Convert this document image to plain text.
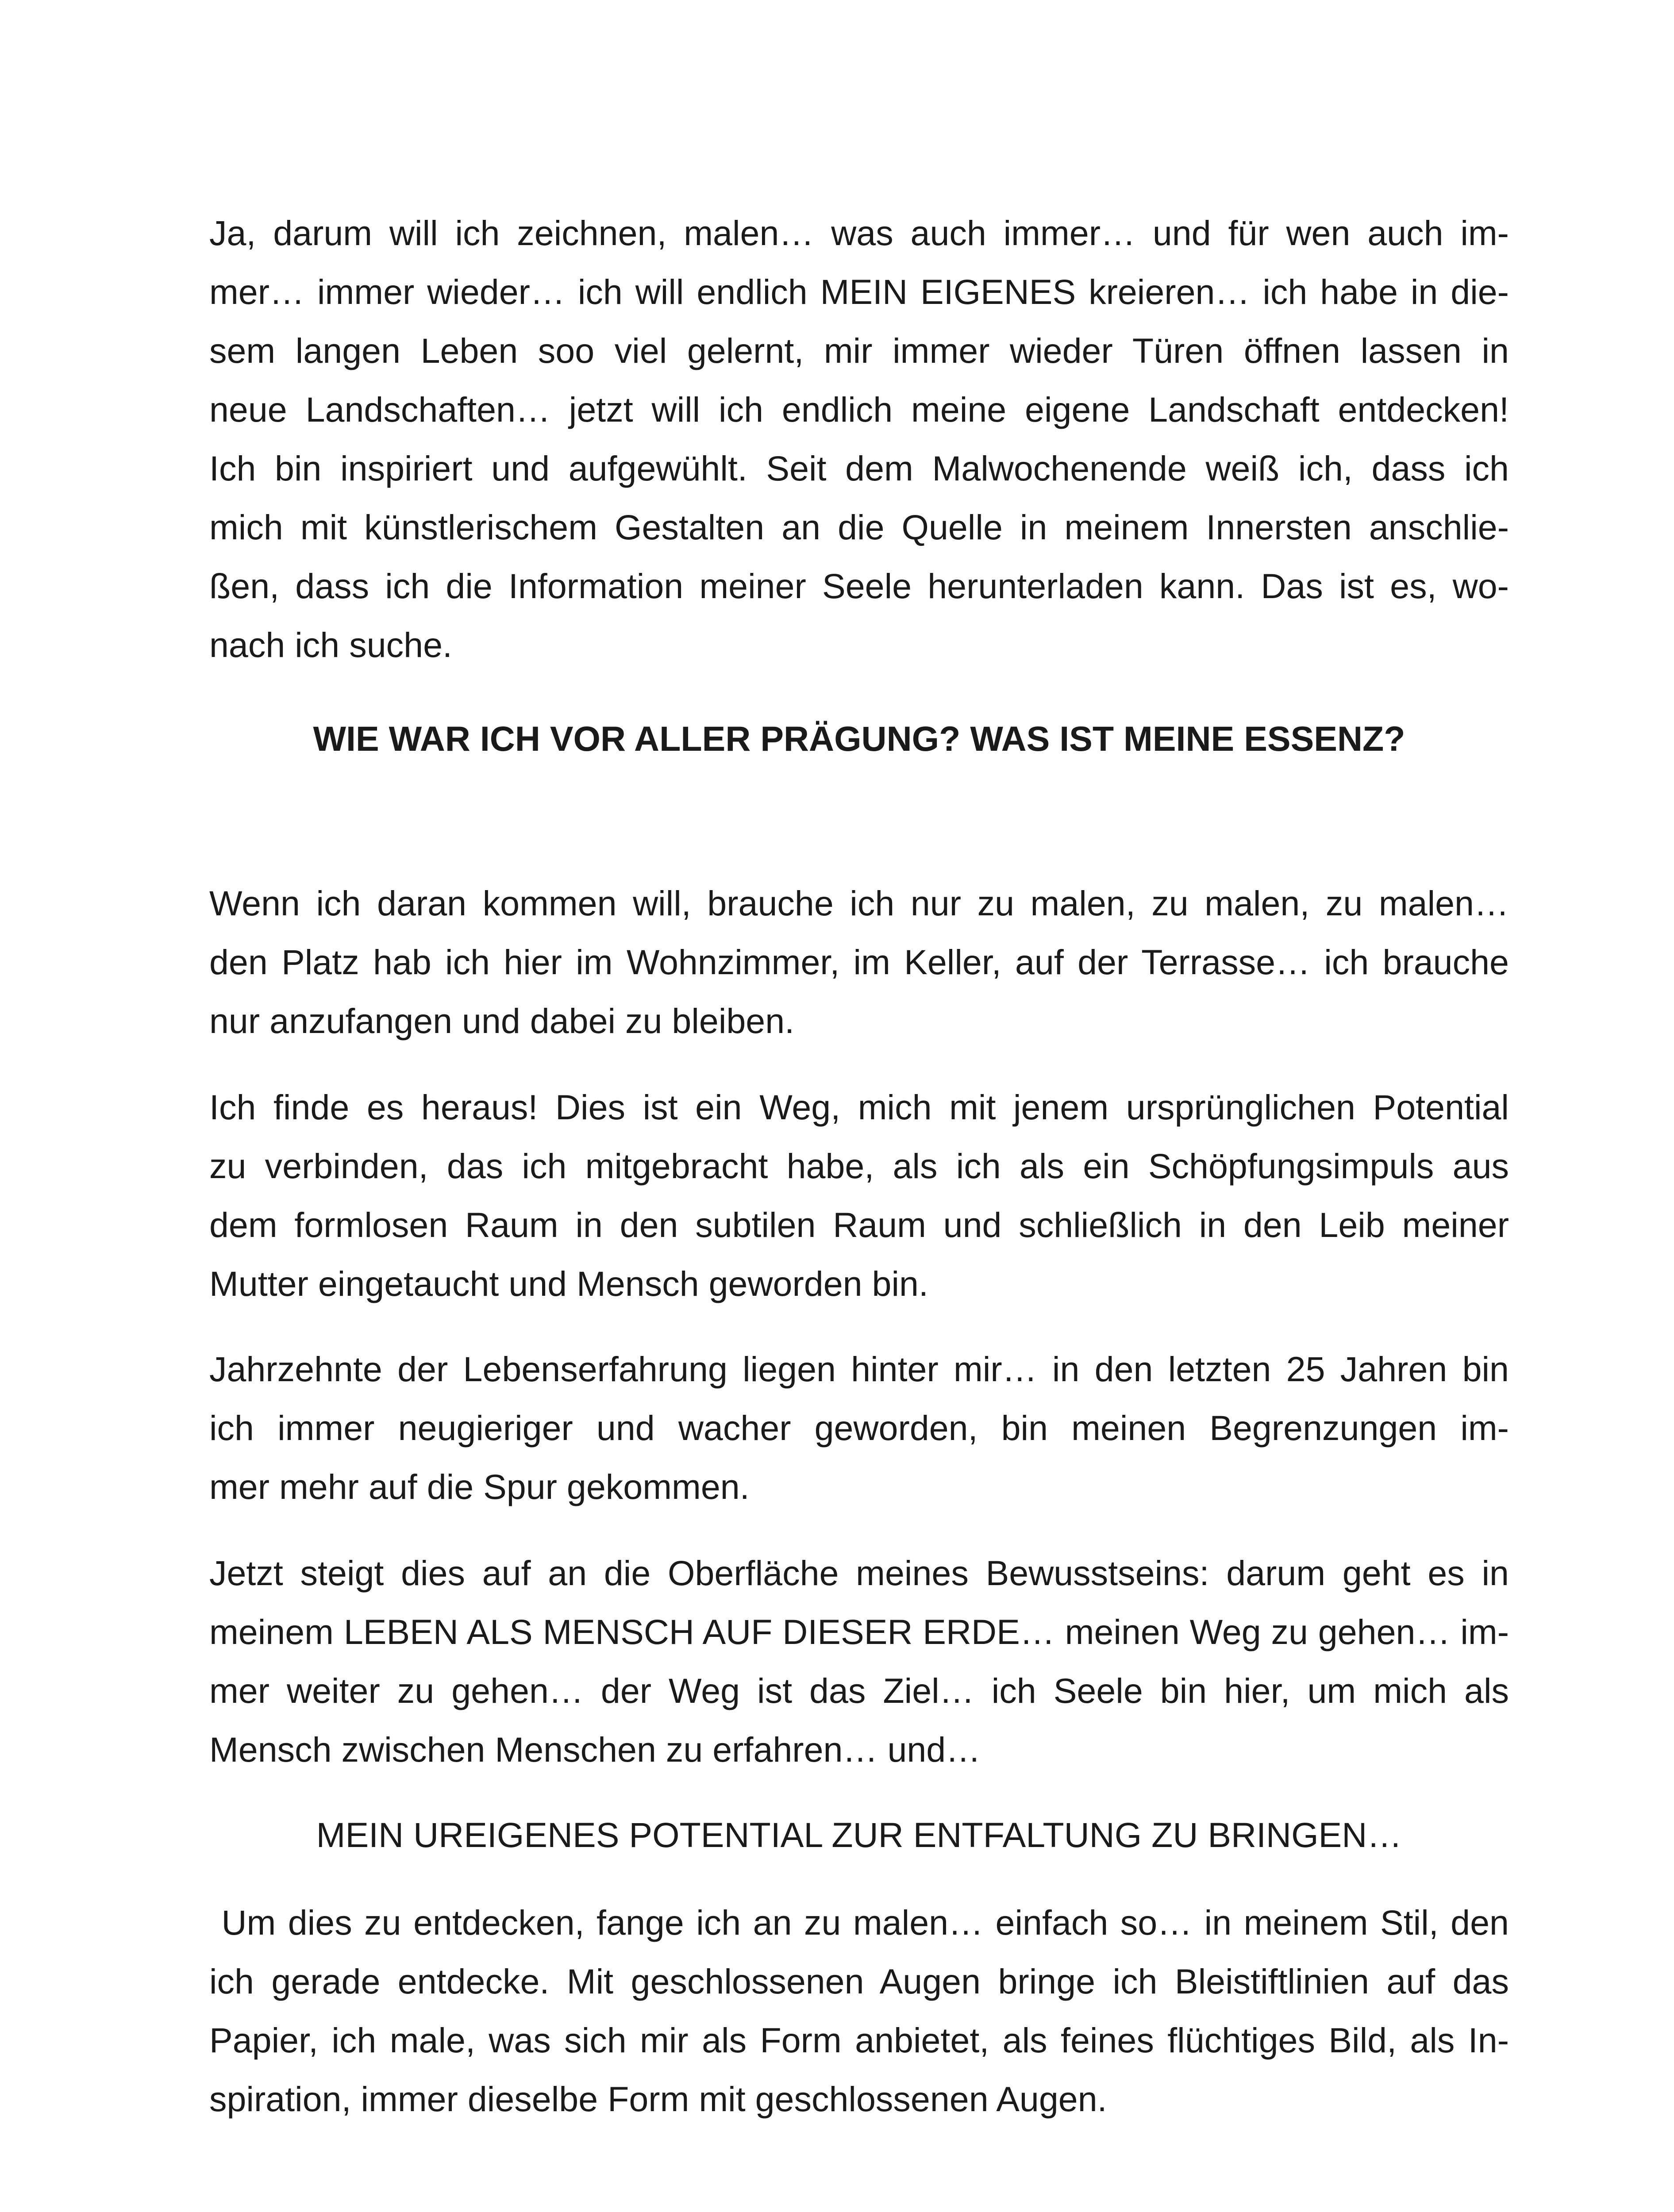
Ja, darum will ich zeichnen, malen… was auch immer… und für wen auch im-
mer… immer wieder… ich will endlich MEIN EIGENES kreieren… ich habe in die-
sem langen Leben soo viel gelernt, mir immer wieder Türen öffnen lassen in
neue Landschaften… jetzt will ich endlich meine eigene Landschaft entdecken!
Ich bin inspiriert und aufgewühlt. Seit dem Malwochenende weiß ich, dass ich
mich mit künstlerischem Gestalten an die Quelle in meinem Innersten anschlie-
ßen, dass ich die Information meiner Seele herunterladen kann. Das ist es, wo-
nach ich suche.

WIE WAR ICH VOR ALLER PRÄGUNG? WAS IST MEINE ESSENZ?

Wenn ich daran kommen will, brauche ich nur zu malen, zu malen, zu malen…
den Platz hab ich hier im Wohnzimmer, im Keller, auf der Terrasse… ich brauche
nur anzufangen und dabei zu bleiben.

Ich finde es heraus! Dies ist ein Weg, mich mit jenem ursprünglichen Potential
zu verbinden, das ich mitgebracht habe, als ich als ein Schöpfungsimpuls aus
dem formlosen Raum in den subtilen Raum und schließlich in den Leib meiner
Mutter eingetaucht und Mensch geworden bin.

Jahrzehnte der Lebenserfahrung liegen hinter mir… in den letzten 25 Jahren bin
ich immer neugieriger und wacher geworden, bin meinen Begrenzungen im-
mer mehr auf die Spur gekommen.

Jetzt steigt dies auf an die Oberfläche meines Bewusstseins: darum geht es in
meinem LEBEN ALS MENSCH AUF DIESER ERDE… meinen Weg zu gehen… im-
mer weiter zu gehen… der Weg ist das Ziel… ich Seele bin hier, um mich als
Mensch zwischen Menschen zu erfahren… und…

MEIN UREIGENES POTENTIAL ZUR ENTFALTUNG ZU BRINGEN…

Um dies zu entdecken, fange ich an zu malen… einfach so… in meinem Stil, den
ich gerade entdecke. Mit geschlossenen Augen bringe ich Bleistiftlinien auf das
Papier, ich male, was sich mir als Form anbietet, als feines flüchtiges Bild, als In-
spiration, immer dieselbe Form mit geschlossenen Augen.
